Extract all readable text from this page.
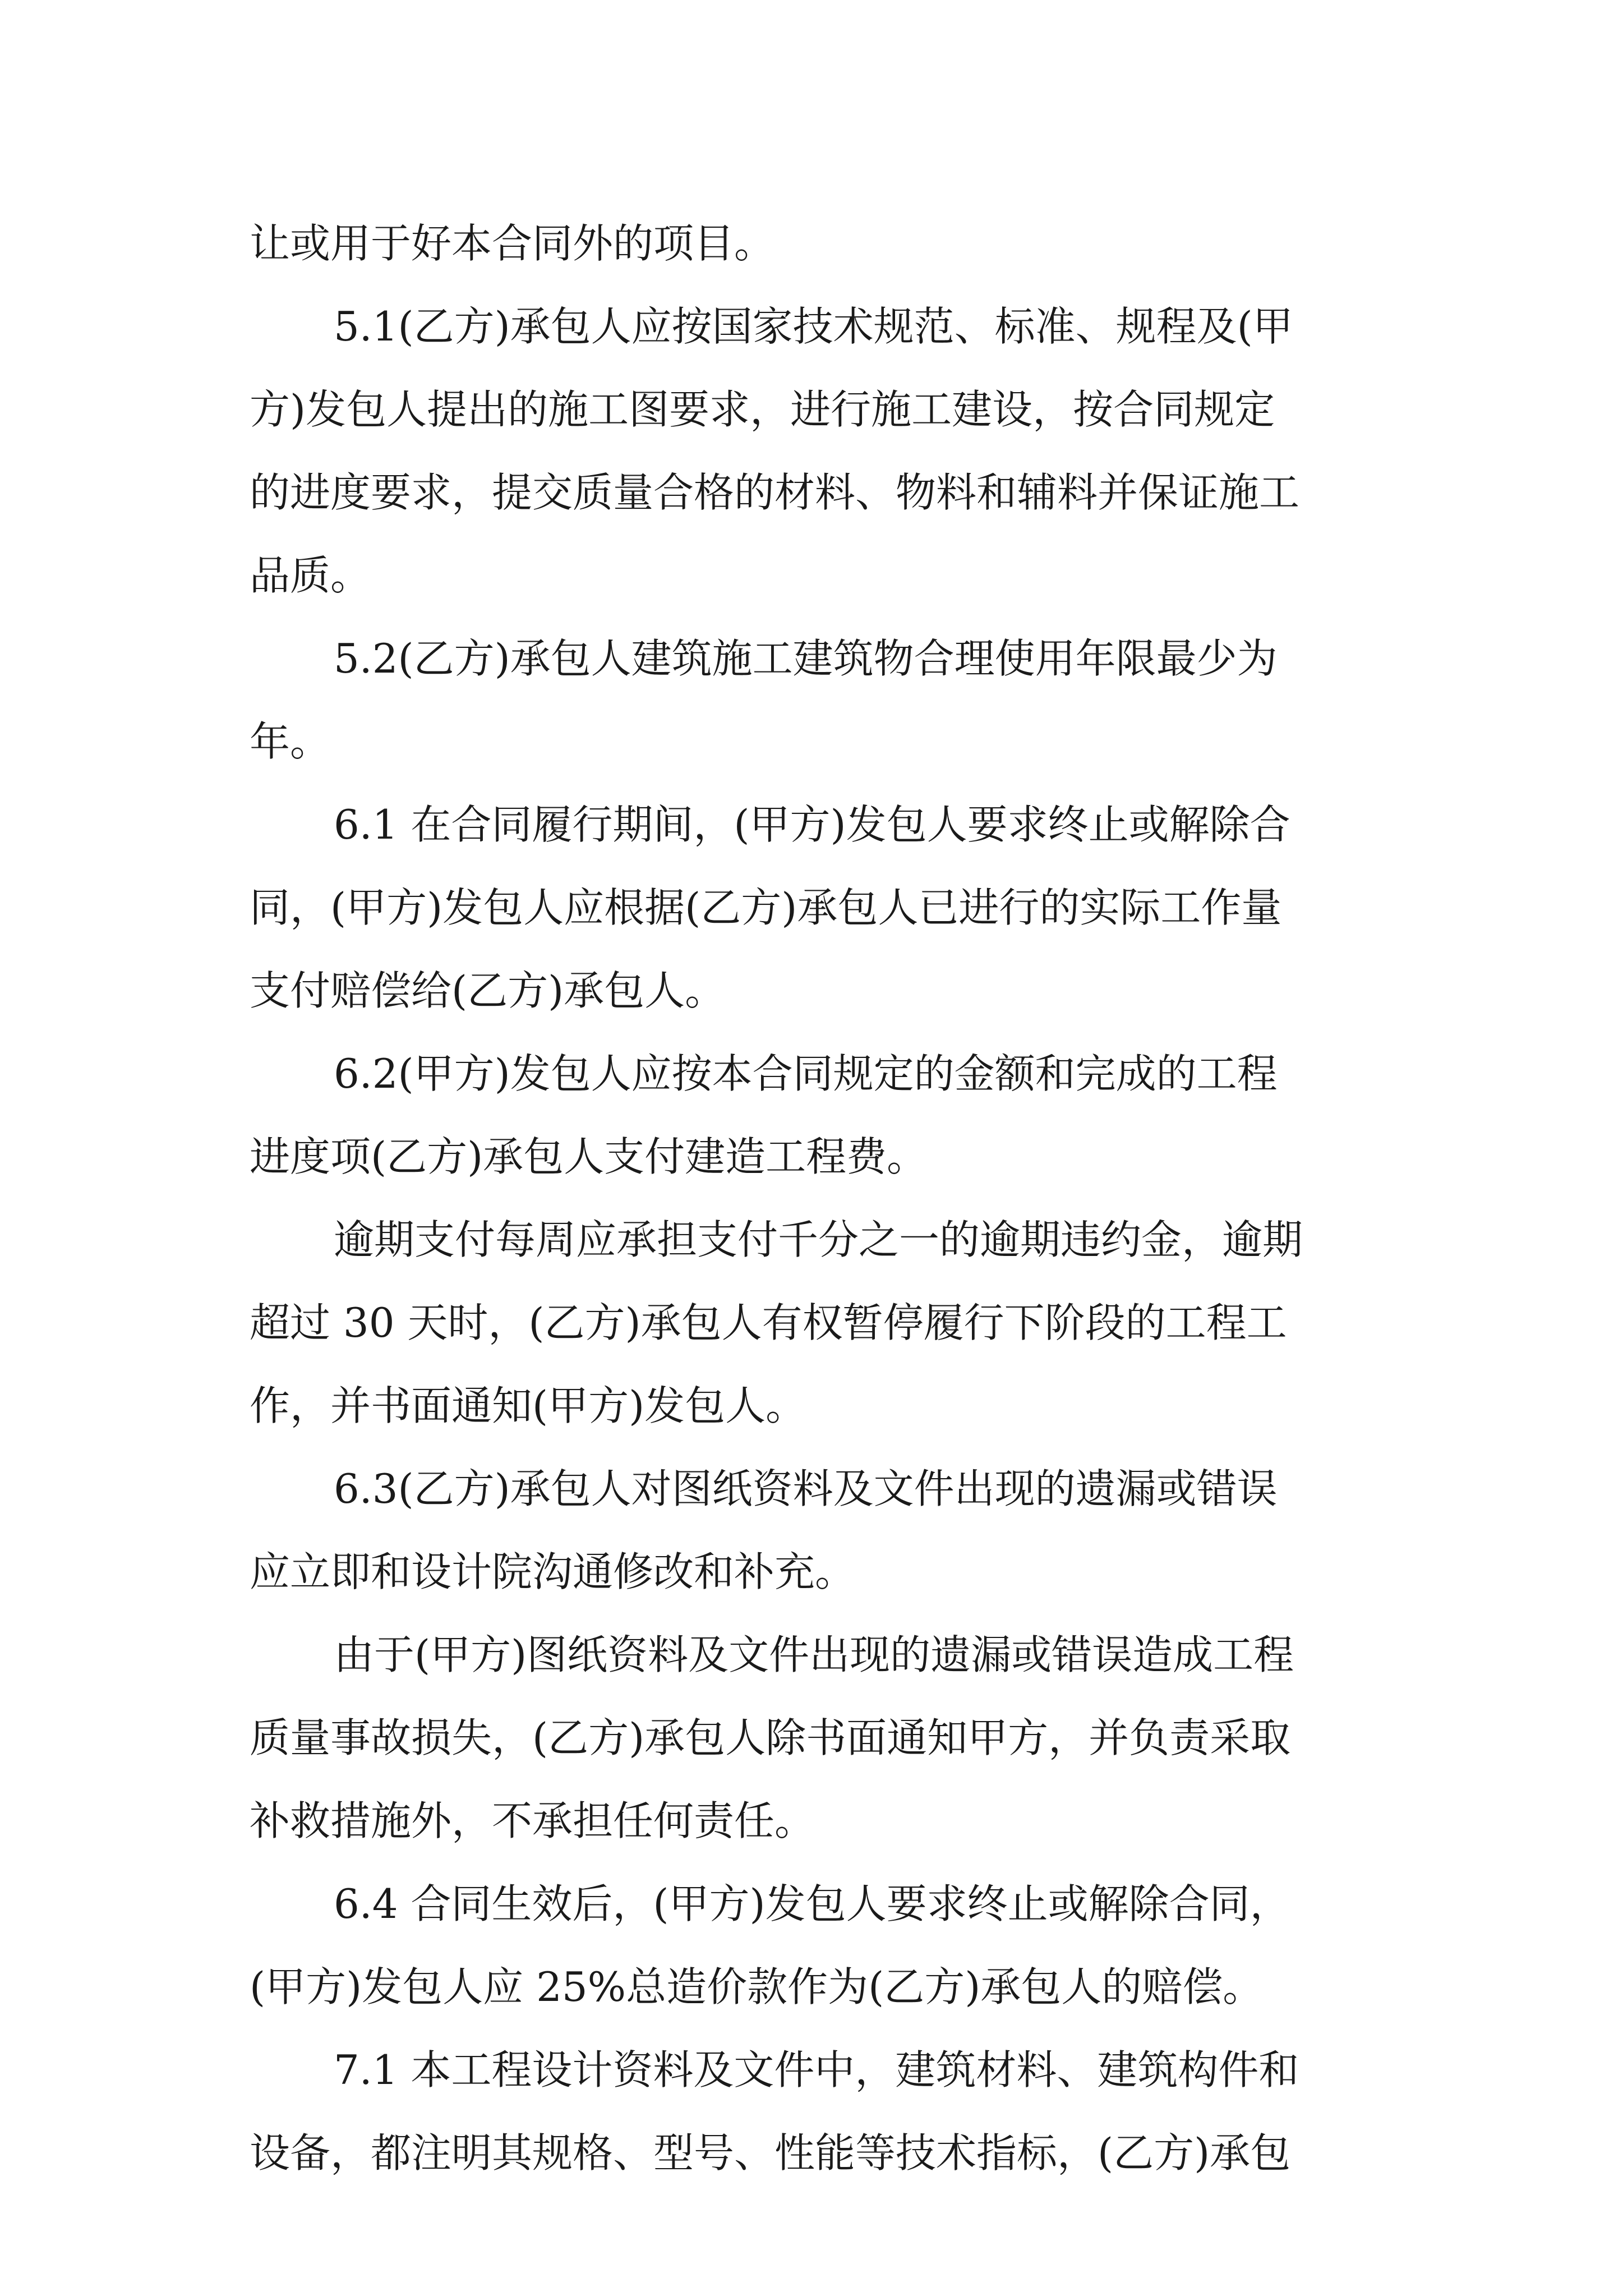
让或用于好本合同外的项目。
5.1(乙方)承包人应按国家技术规范、标准、规程及(甲
方)发包人提出的施工图要求，进行施工建设，按合同规定
的进度要求，提交质量合格的材料、物料和辅料并保证施工
品质。
5.2(乙方)承包人建筑施工建筑物合理使用年限最少为
年。
6.1 在合同履行期间，(甲方)发包人要求终止或解除合
同，(甲方)发包人应根据(乙方)承包人已进行的实际工作量
支付赔偿给(乙方)承包人。
6.2(甲方)发包人应按本合同规定的金额和完成的工程
进度项(乙方)承包人支付建造工程费。
逾期支付每周应承担支付千分之一的逾期违约金，逾期
超过 30 天时，(乙方)承包人有权暂停履行下阶段的工程工
作，并书面通知(甲方)发包人。
6.3(乙方)承包人对图纸资料及文件出现的遗漏或错误
应立即和设计院沟通修改和补充。
由于(甲方)图纸资料及文件出现的遗漏或错误造成工程
质量事故损失，(乙方)承包人除书面通知甲方，并负责采取
补救措施外，不承担任何责任。
6.4 合同生效后，(甲方)发包人要求终止或解除合同，
(甲方)发包人应 25%总造价款作为(乙方)承包人的赔偿。
7.1 本工程设计资料及文件中，建筑材料、建筑构件和
设备，都注明其规格、型号、性能等技术指标，(乙方)承包
